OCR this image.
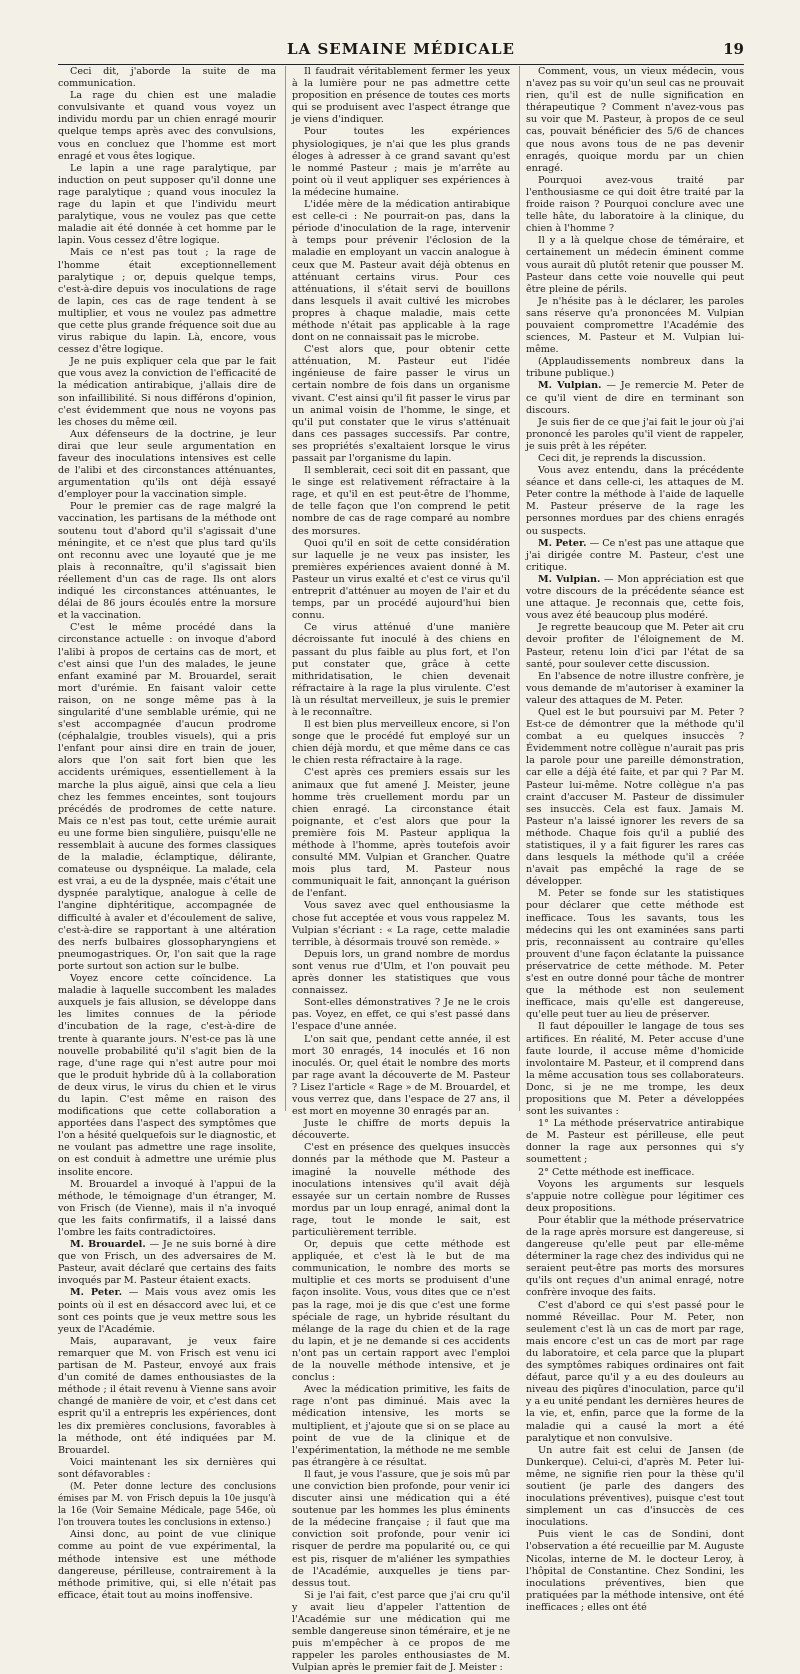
LA SEMAINE MÉDICALE	19

Ceci dit, j'aborde la suite de ma communication.

La rage du chien est une maladie convulsivante et quand vous voyez un individu mordu par un chien enragé mourir quelque temps après avec des convulsions, vous en concluez que l'homme est mort enragé et vous êtes logique.

Le lapin a une rage paralytique, par induction on peut supposer qu'il donne une rage paralytique ; quand vous inoculez la rage du lapin et que l'individu meurt paralytique, vous ne voulez pas que cette maladie ait été donnée à cet homme par le lapin. Vous cessez d'être logique.

Mais ce n'est pas tout ; la rage de l'homme était exceptionnellement paralytique ; or, depuis quelque temps, c'est-à-dire depuis vos inoculations de rage de lapin, ces cas de rage tendent à se multiplier, et vous ne voulez pas admettre que cette plus grande fréquence soit due au virus rabique du lapin. Là, encore, vous cessez d'être logique.

Je ne puis expliquer cela que par le fait que vous avez la conviction de l'efficacité de la médication antirabique, j'allais dire de son infaillibilité. Si nous différons d'opinion, c'est évidemment que nous ne voyons pas les choses du même œil.

Aux défenseurs de la doctrine, je leur dirai que leur seule argumentation en faveur des inoculations intensives est celle de l'alibi et des circonstances atténuantes, argumentation qu'ils ont déjà essayé d'employer pour la vaccination simple.

Pour le premier cas de rage malgré la vaccination, les partisans de la méthode ont soutenu tout d'abord qu'il s'agissait d'une méningite, et ce n'est que plus tard qu'ils ont reconnu avec une loyauté que je me plais à reconnaître, qu'il s'agissait bien réellement d'un cas de rage. Ils ont alors indiqué les circonstances atténuantes, le délai de 86 jours écoulés entre la morsure et la vaccination.

C'est le même procédé dans la circonstance actuelle : on invoque d'abord l'alibi à propos de certains cas de mort, et c'est ainsi que l'un des malades, le jeune enfant examiné par M. Brouardel, serait mort d'urémie. En faisant valoir cette raison, on ne songe même pas à la singularité d'une semblable urémie, qui ne s'est accompagnée d'aucun prodrome (céphalalgie, troubles visuels), qui a pris l'enfant pour ainsi dire en train de jouer, alors que l'on sait fort bien que les accidents urémiques, essentiellement à la marche la plus aiguë, ainsi que cela a lieu chez les femmes enceintes, sont toujours précédés de prodromes de cette nature. Mais ce n'est pas tout, cette urémie aurait eu une forme bien singulière, puisqu'elle ne ressemblait à aucune des formes classiques de la maladie, éclamptique, délirante, comateuse ou dyspnéique. La malade, cela est vrai, a eu de la dyspnée, mais c'était une dyspnée paralytique, analogue à celle de l'angine diphtéritique, accompagnée de difficulté à avaler et d'écoulement de salive, c'est-à-dire se rapportant à une altération des nerfs bulbaires glossopharyngiens et pneumogastriques. Or, l'on sait que la rage porte surtout son action sur le bulbe.

Voyez encore cette coïncidence. La maladie à laquelle succombent les malades auxquels je fais allusion, se développe dans les limites connues de la période d'incubation de la rage, c'est-à-dire de trente à quarante jours. N'est-ce pas là une nouvelle probabilité qu'il s'agit bien de la rage, d'une rage qui n'est autre pour moi que le produit hybride dû à la collaboration de deux virus, le virus du chien et le virus du lapin. C'est même en raison des modifications que cette collaboration a apportées dans l'aspect des symptômes que l'on a hésité quelquefois sur le diagnostic, et ne voulant pas admettre une rage insolite, on est conduit à admettre une urémie plus insolite encore.

M. Brouardel a invoqué à l'appui de la méthode, le témoignage d'un étranger, M. von Frisch (de Vienne), mais il n'a invoqué que les faits confirmatifs, il a laissé dans l'ombre les faits contradictoires.

M. Brouardel. — Je ne suis borné à dire que von Frisch, un des adversaires de M. Pasteur, avait déclaré que certains des faits invoqués par M. Pasteur étaient exacts.

M. Peter. — Mais vous avez omis les points où il est en désaccord avec lui, et ce sont ces points que je veux mettre sous les yeux de l'Académie.

Mais, auparavant, je veux faire remarquer que M. von Frisch est venu ici partisan de M. Pasteur, envoyé aux frais d'un comité de dames enthousiastes de la méthode ; il était revenu à Vienne sans avoir changé de manière de voir, et c'est dans cet esprit qu'il a entrepris les expériences, dont les dix premières conclusions, favorables à la méthode, ont été indiquées par M. Brouardel.

Voici maintenant les six dernières qui sont défavorables :

(M. Peter donne lecture des conclusions émises par M. von Frisch depuis la 10e jusqu'à la 16e (Voir Semaine Médicale, page 546e, où l'on trouvera toutes les conclusions in extenso.)

Ainsi donc, au point de vue clinique comme au point de vue expérimental, la méthode intensive est une méthode dangereuse, périlleuse, contrairement à la méthode primitive, qui, si elle n'était pas efficace, était tout au moins inoffensive.

Il faudrait véritablement fermer les yeux à la lumière pour ne pas admettre cette proposition en présence de toutes ces morts qui se produisent avec l'aspect étrange que je viens d'indiquer.

Pour toutes les expériences physiologiques, je n'ai que les plus grands éloges à adresser à ce grand savant qu'est le nommé Pasteur ; mais je m'arrête au point où il veut appliquer ses expériences à la médecine humaine.

L'idée mère de la médication antirabique est celle-ci : Ne pourrait-on pas, dans la période d'inoculation de la rage, intervenir à temps pour prévenir l'éclosion de la maladie en employant un vaccin analogue à ceux que M. Pasteur avait déjà obtenus en atténuant certains virus. Pour ces atténuations, il s'était servi de bouillons dans lesquels il avait cultivé les microbes propres à chaque maladie, mais cette méthode n'était pas applicable à la rage dont on ne connaissait pas le microbe.

C'est alors que, pour obtenir cette atténuation, M. Pasteur eut l'idée ingénieuse de faire passer le virus un certain nombre de fois dans un organisme vivant. C'est ainsi qu'il fit passer le virus par un animal voisin de l'homme, le singe, et qu'il put constater que le virus s'atténuait dans ces passages successifs. Par contre, ses propriétés s'exaltaient lorsque le virus passait par l'organisme du lapin.

Il semblerait, ceci soit dit en passant, que le singe est relativement réfractaire à la rage, et qu'il en est peut-être de l'homme, de telle façon que l'on comprend le petit nombre de cas de rage comparé au nombre des morsures.

Quoi qu'il en soit de cette considération sur laquelle je ne veux pas insister, les premières expériences avaient donné à M. Pasteur un virus exalté et c'est ce virus qu'il entreprit d'atténuer au moyen de l'air et du temps, par un procédé aujourd'hui bien connu.

Ce virus atténué d'une manière décroissante fut inoculé à des chiens en passant du plus faible au plus fort, et l'on put constater que, grâce à cette mithridatisation, le chien devenait réfractaire à la rage la plus virulente. C'est là un résultat merveilleux, je suis le premier à le reconnaître.

Il est bien plus merveilleux encore, si l'on songe que le procédé fut employé sur un chien déjà mordu, et que même dans ce cas le chien resta réfractaire à la rage.

C'est après ces premiers essais sur les animaux que fut amené J. Meister, jeune homme très cruellement mordu par un chien enragé. La circonstance était poignante, et c'est alors que pour la première fois M. Pasteur appliqua la méthode à l'homme, après toutefois avoir consulté MM. Vulpian et Grancher. Quatre mois plus tard, M. Pasteur nous communiquait le fait, annonçant la guérison de l'enfant.

Vous savez avec quel enthousiasme la chose fut acceptée et vous vous rappelez M. Vulpian s'écriant : « La rage, cette maladie terrible, à désormais trouvé son remède. »

Depuis lors, un grand nombre de mordus sont venus rue d'Ulm, et l'on pouvait peu après donner les statistiques que vous connaissez.

Sont-elles démonstratives ? Je ne le crois pas. Voyez, en effet, ce qui s'est passé dans l'espace d'une année.

L'on sait que, pendant cette année, il est mort 30 enragés, 14 inoculés et 16 non inoculés. Or, quel était le nombre des morts par rage avant la découverte de M. Pasteur ? Lisez l'article « Rage » de M. Brouardel, et vous verrez que, dans l'espace de 27 ans, il est mort en moyenne 30 enragés par an.

Juste le chiffre de morts depuis la découverte.

C'est en présence des quelques insuccès donnés par la méthode que M. Pasteur a imaginé la nouvelle méthode des inoculations intensives qu'il avait déjà essayée sur un certain nombre de Russes mordus par un loup enragé, animal dont la rage, tout le monde le sait, est particulièrement terrible.

Or, depuis que cette méthode est appliquée, et c'est là le but de ma communication, le nombre des morts se multiplie et ces morts se produisent d'une façon insolite. Vous, vous dites que ce n'est pas la rage, moi je dis que c'est une forme spéciale de rage, un hybride résultant du mélange de la rage du chien et de la rage du lapin, et je ne demande si ces accidents n'ont pas un certain rapport avec l'emploi de la nouvelle méthode intensive, et je conclus :

Avec la médication primitive, les faits de rage n'ont pas diminué. Mais avec la médication intensive, les morts se multiplient, et j'ajoute que si on se place au point de vue de la clinique et de l'expérimentation, la méthode ne me semble pas étrangère à ce résultat.

Il faut, je vous l'assure, que je sois mû par une conviction bien profonde, pour venir ici discuter ainsi une médication qui a été soutenue par les hommes les plus éminents de la médecine française ; il faut que ma conviction soit profonde, pour venir ici risquer de perdre ma popularité ou, ce qui est pis, risquer de m'aliéner les sympathies de l'Académie, auxquelles je tiens par-dessus tout.

Si je l'ai fait, c'est parce que j'ai cru qu'il y avait lieu d'appeler l'attention de l'Académie sur une médication qui me semble dangereuse sinon téméraire, et je ne puis m'empêcher à ce propos de me rappeler les paroles enthousiastes de M. Vulpian après le premier fait de J. Meister :

Comment, vous, un vieux médecin, vous n'avez pas su voir qu'un seul cas ne prouvait rien, qu'il est de nulle signification en thérapeutique ? Comment n'avez-vous pas su voir que M. Pasteur, à propos de ce seul cas, pouvait bénéficier des 5/6 de chances que nous avons tous de ne pas devenir enragés, quoique mordu par un chien enragé.

Pourquoi avez-vous traité par l'enthousiasme ce qui doit être traité par la froide raison ? Pourquoi conclure avec une telle hâte, du laboratoire à la clinique, du chien à l'homme ?

Il y a là quelque chose de téméraire, et certainement un médecin éminent comme vous aurait dû plutôt retenir que pousser M. Pasteur dans cette voie nouvelle qui peut être pleine de périls.

Je n'hésite pas à le déclarer, les paroles sans réserve qu'a prononcées M. Vulpian pouvaient compromettre l'Académie des sciences, M. Pasteur et M. Vulpian lui-même.

(Applaudissements nombreux dans la tribune publique.)

M. Vulpian. — Je remercie M. Peter de ce qu'il vient de dire en terminant son discours.

Je suis fier de ce que j'ai fait le jour où j'ai prononcé les paroles qu'il vient de rappeler, je suis prêt à les répéter.

Ceci dit, je reprends la discussion.

Vous avez entendu, dans la précédente séance et dans celle-ci, les attaques de M. Peter contre la méthode à l'aide de laquelle M. Pasteur préserve de la rage les personnes mordues par des chiens enragés ou suspects.

M. Peter. — Ce n'est pas une attaque que j'ai dirigée contre M. Pasteur, c'est une critique.

M. Vulpian. — Mon appréciation est que votre discours de la précédente séance est une attaque. Je reconnais que, cette fois, vous avez été beaucoup plus modéré.

Je regrette beaucoup que M. Peter ait cru devoir profiter de l'éloignement de M. Pasteur, retenu loin d'ici par l'état de sa santé, pour soulever cette discussion.

En l'absence de notre illustre confrère, je vous demande de m'autoriser à examiner la valeur des attaques de M. Peter.

Quel est le but poursuivi par M. Peter ? Est-ce de démontrer que la méthode qu'il combat a eu quelques insuccès ? Évidemment notre collègue n'aurait pas pris la parole pour une pareille démonstration, car elle a déjà été faite, et par qui ? Par M. Pasteur lui-même. Notre collègue n'a pas craint d'accuser M. Pasteur de dissimuler ses insuccès. Cela est faux. Jamais M. Pasteur n'a laissé ignorer les revers de sa méthode. Chaque fois qu'il a publié des statistiques, il y a fait figurer les rares cas dans lesquels la méthode qu'il a créée n'avait pas empêché la rage de se développer.

M. Peter se fonde sur les statistiques pour déclarer que cette méthode est inefficace. Tous les savants, tous les médecins qui les ont examinées sans parti pris, reconnaissent au contraire qu'elles prouvent d'une façon éclatante la puissance préservatrice de cette méthode. M. Peter s'est en outre donné pour tâche de montrer que la méthode est non seulement inefficace, mais qu'elle est dangereuse, qu'elle peut tuer au lieu de préserver.

Il faut dépouiller le langage de tous ses artifices. En réalité, M. Peter accuse d'une faute lourde, il accuse même d'homicide involontaire M. Pasteur, et il comprend dans la même accusation tous ses collaborateurs. Donc, si je ne me trompe, les deux propositions que M. Peter a développées sont les suivantes :

1° La méthode préservatrice antirabique de M. Pasteur est périlleuse, elle peut donner la rage aux personnes qui s'y soumettent ;

2° Cette méthode est inefficace.

Voyons les arguments sur lesquels s'appuie notre collègue pour légitimer ces deux propositions.

Pour établir que la méthode préservatrice de la rage après morsure est dangereuse, si dangereuse qu'elle peut par elle-même déterminer la rage chez des individus qui ne seraient peut-être pas morts des morsures qu'ils ont reçues d'un animal enragé, notre confrère invoque des faits.

C'est d'abord ce qui s'est passé pour le nommé Réveillac. Pour M. Peter, non seulement c'est là un cas de mort par rage, mais encore c'est un cas de mort par rage du laboratoire, et cela parce que la plupart des symptômes rabiques ordinaires ont fait défaut, parce qu'il y a eu des douleurs au niveau des piqûres d'inoculation, parce qu'il y a eu unité pendant les dernières heures de la vie, et, enfin, parce que la forme de la maladie qui a causé la mort a été paralytique et non convulsive.

Un autre fait est celui de Jansen (de Dunkerque). Celui-ci, d'après M. Peter lui-même, ne signifie rien pour la thèse qu'il soutient (je parle des dangers des inoculations préventives), puisque c'est tout simplement un cas d'insuccès de ces inoculations.

Puis vient le cas de Sondini, dont l'observation a été recueillie par M. Auguste Nicolas, interne de M. le docteur Leroy, à l'hôpital de Constantine. Chez Sondini, les inoculations préventives, bien que pratiquées par la méthode intensive, ont été inefficaces ; elles ont été
